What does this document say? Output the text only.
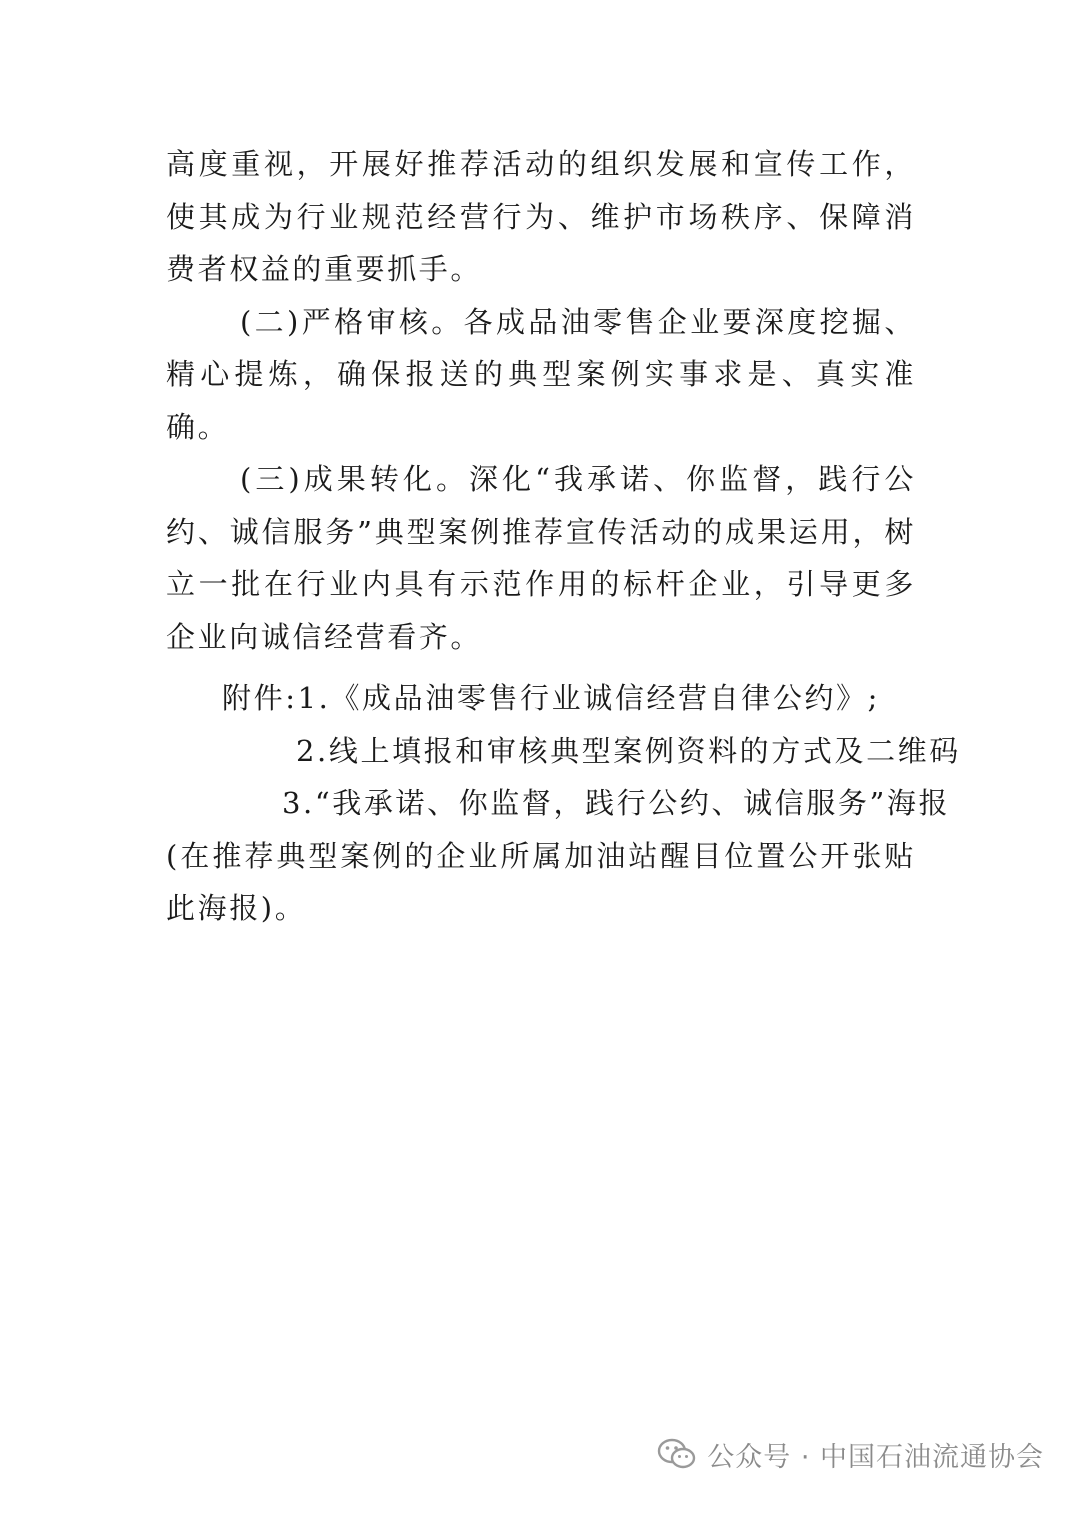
高度重视，开展好推荐活动的组织发展和宣传工作，使其成为行业规范经营行为、维护市场秩序、保障消费者权益的重要抓手。

(二)严格审核。各成品油零售企业要深度挖掘、精心提炼，确保报送的典型案例实事求是、真实准确。

(三)成果转化。深化“我承诺、你监督，践行公约、诚信服务”典型案例推荐宣传活动的成果运用，树立一批在行业内具有示范作用的标杆企业，引导更多企业向诚信经营看齐。

附件:1.《成品油零售行业诚信经营自律公约》;

2.线上填报和审核典型案例资料的方式及二维码

3.“我承诺、你监督，践行公约、诚信服务”海报

(在推荐典型案例的企业所属加油站醒目位置公开张贴此海报)。

公众号 · 中国石油流通协会
